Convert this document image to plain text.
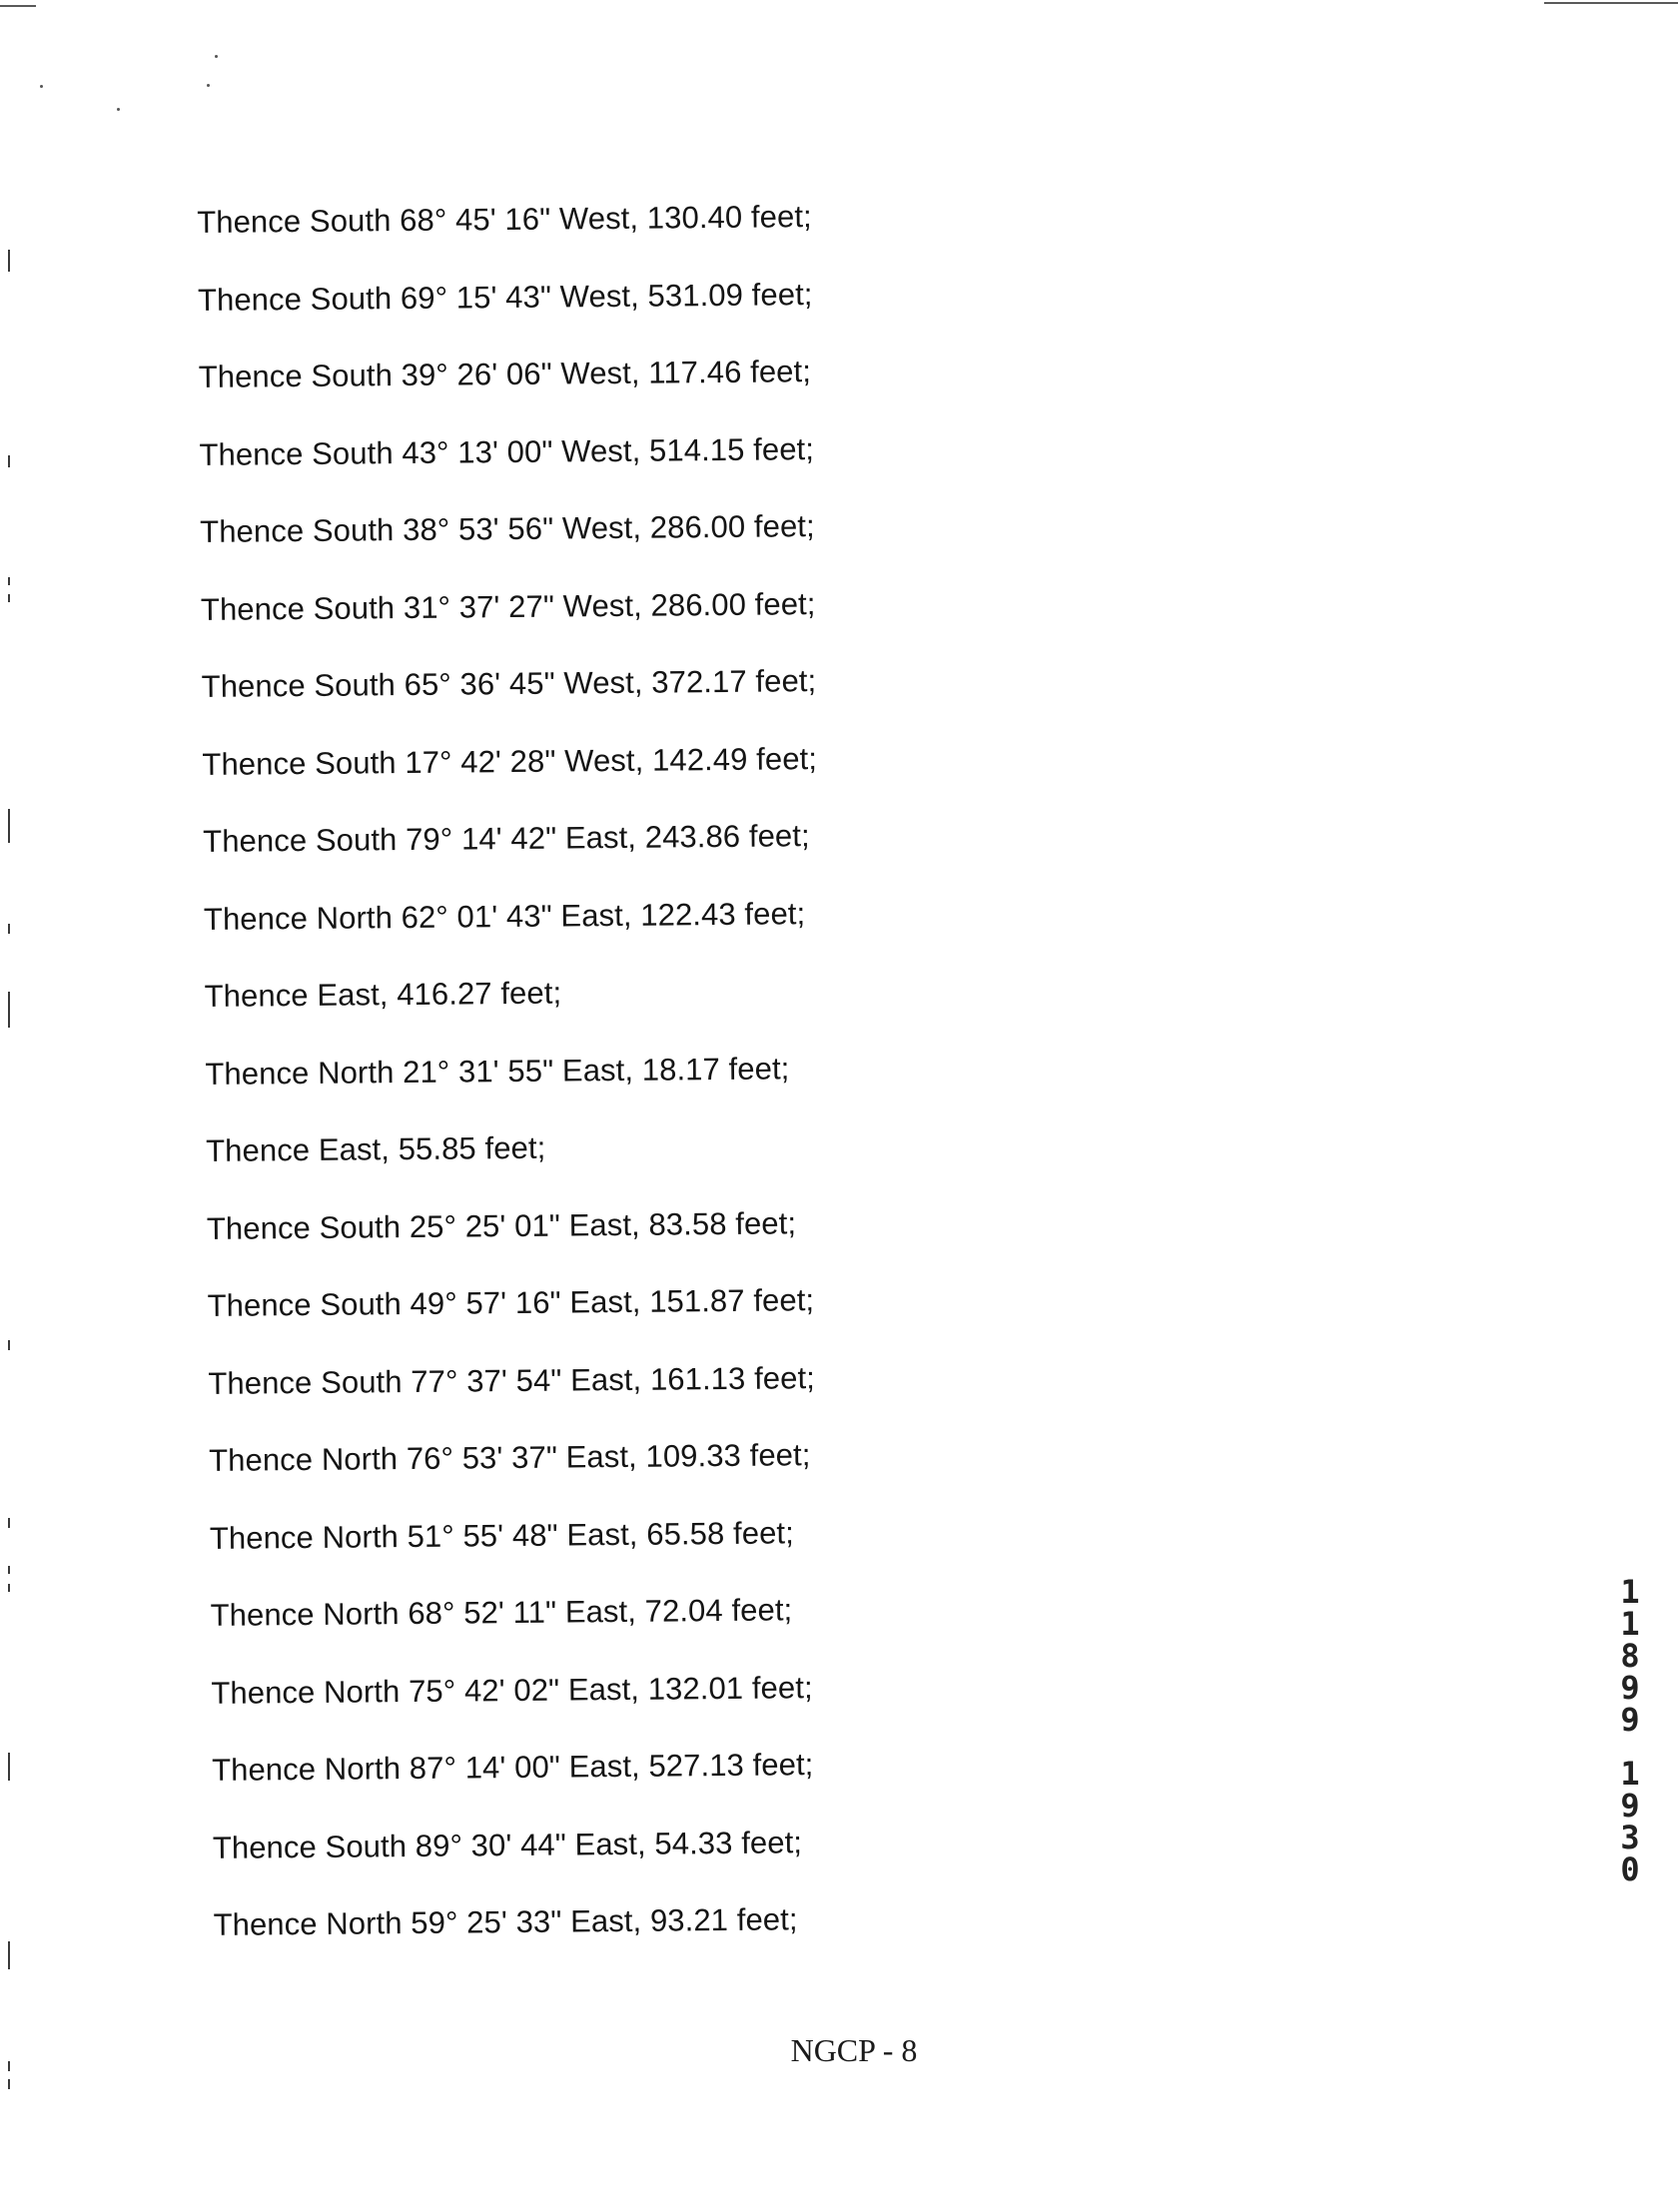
Thence South 68° 45' 16" West, 130.40 feet;
Thence South 69° 15' 43" West, 531.09 feet;
Thence South 39° 26' 06" West, 117.46 feet;
Thence South 43° 13' 00" West, 514.15 feet;
Thence South 38° 53' 56" West, 286.00 feet;
Thence South 31° 37' 27" West, 286.00 feet;
Thence South 65° 36' 45" West, 372.17 feet;
Thence South 17° 42' 28" West, 142.49 feet;
Thence South 79° 14' 42" East, 243.86 feet;
Thence North 62° 01' 43" East, 122.43 feet;
Thence East, 416.27 feet;
Thence North 21° 31' 55" East, 18.17 feet;
Thence East, 55.85 feet;
Thence South 25° 25' 01" East, 83.58 feet;
Thence South 49° 57' 16" East, 151.87 feet;
Thence South 77° 37' 54" East, 161.13 feet;
Thence North 76° 53' 37" East, 109.33 feet;
Thence North 51° 55' 48" East, 65.58 feet;
Thence North 68° 52' 11" East, 72.04 feet;
Thence North 75° 42' 02" East, 132.01 feet;
Thence North 87° 14' 00" East, 527.13 feet;
Thence South 89° 30' 44" East, 54.33 feet;
Thence North 59° 25' 33" East, 93.21 feet;
1
1
8
9
9
1
9
3
0
NGCP - 8
